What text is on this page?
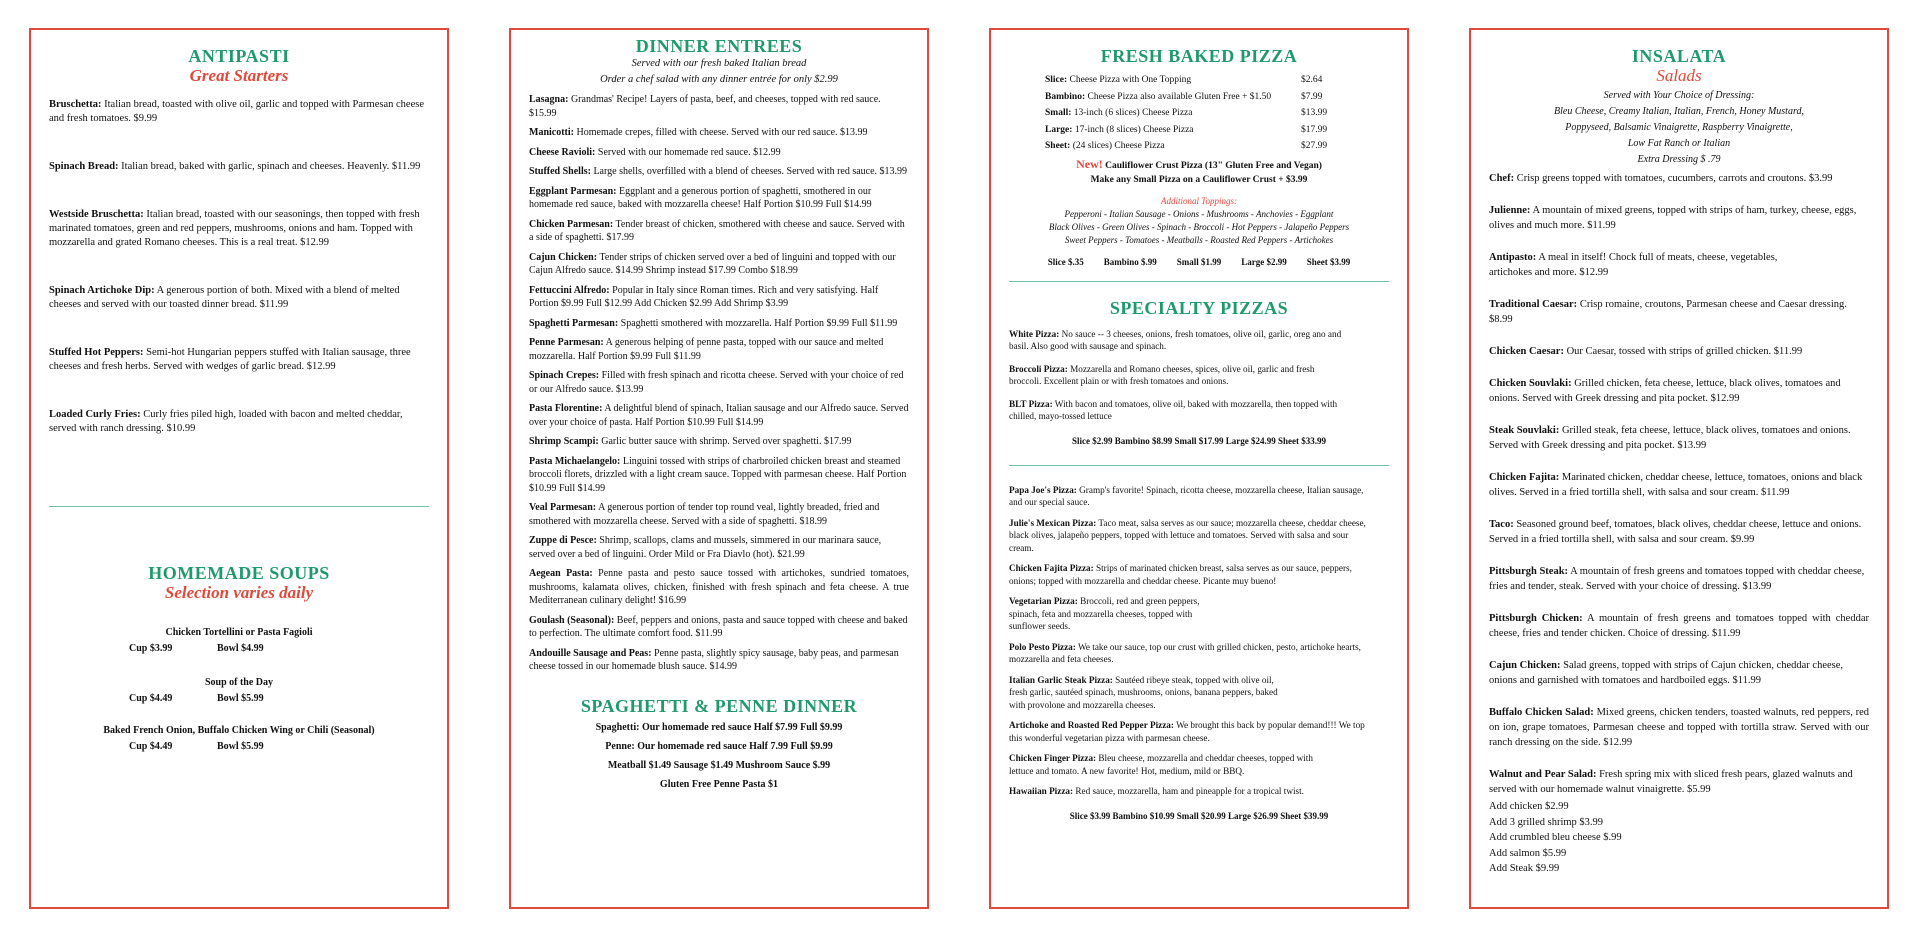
ANTIPASTI
Great Starters

Bruschetta: Italian bread, toasted with olive oil, garlic and topped with Parmesan cheese and fresh tomatoes. $9.99

Spinach Bread: Italian bread, baked with garlic, spinach and cheeses. Heavenly. $11.99

Westside Bruschetta: Italian bread, toasted with our seasonings, then topped with fresh marinated tomatoes, green and red peppers, mushrooms, onions and ham. Topped with mozzarella and grated Romano cheeses. This is a real treat. $12.99

Spinach Artichoke Dip: A generous portion of both. Mixed with a blend of melted cheeses and served with our toasted dinner bread. $11.99

Stuffed Hot Peppers: Semi-hot Hungarian peppers stuffed with Italian sausage, three cheeses and fresh herbs. Served with wedges of garlic bread. $12.99

Loaded Curly Fries: Curly fries piled high, loaded with bacon and melted cheddar, served with ranch dressing. $10.99

HOMEMADE SOUPS
Selection varies daily
Chicken Tortellini or Pasta Fagioli
Cup $3.99	Bowl $4.99
Soup of the Day
Cup $4.49	Bowl $5.99
Baked French Onion, Buffalo Chicken Wing or Chili (Seasonal)
Cup $4.49	Bowl $5.99
DINNER ENTREES
Served with our fresh baked Italian bread
Order a chef salad with any dinner entrée for only $2.99

Lasagna: Grandmas' Recipe! Layers of pasta, beef, and cheeses, topped with red sauce. $15.99

Manicotti: Homemade crepes, filled with cheese. Served with our red sauce. $13.99

Cheese Ravioli: Served with our homemade red sauce. $12.99

Stuffed Shells: Large shells, overfilled with a blend of cheeses. Served with red sauce. $13.99

Eggplant Parmesan: Eggplant and a generous portion of spaghetti, smothered in our homemade red sauce, baked with mozzarella cheese! Half Portion $10.99 Full $14.99

Chicken Parmesan: Tender breast of chicken, smothered with cheese and sauce. Served with a side of spaghetti. $17.99

Cajun Chicken: Tender strips of chicken served over a bed of linguini and topped with our Cajun Alfredo sauce. $14.99 Shrimp instead $17.99 Combo $18.99

Fettuccini Alfredo: Popular in Italy since Roman times. Rich and very satisfying. Half Portion $9.99 Full $12.99 Add Chicken $2.99 Add Shrimp $3.99

Spaghetti Parmesan: Spaghetti smothered with mozzarella. Half Portion $9.99 Full $11.99

Penne Parmesan: A generous helping of penne pasta, topped with our sauce and melted mozzarella. Half Portion $9.99 Full $11.99

Spinach Crepes: Filled with fresh spinach and ricotta cheese. Served with your choice of red or our Alfredo sauce. $13.99

Pasta Florentine: A delightful blend of spinach, Italian sausage and our Alfredo sauce. Served over your choice of pasta. Half Portion $10.99 Full $14.99

Shrimp Scampi: Garlic butter sauce with shrimp. Served over spaghetti. $17.99

Pasta Michaelangelo: Linguini tossed with strips of charbroiled chicken breast and steamed broccoli florets, drizzled with a light cream sauce. Topped with parmesan cheese. Half Portion $10.99 Full $14.99

Veal Parmesan: A generous portion of tender top round veal, lightly breaded, fried and smothered with mozzarella cheese. Served with a side of spaghetti. $18.99

Zuppe di Pesce: Shrimp, scallops, clams and mussels, simmered in our marinara sauce, served over a bed of linguini. Order Mild or Fra Diavlo (hot). $21.99

Aegean Pasta: Penne pasta and pesto sauce tossed with artichokes, sundried tomatoes, mushrooms, kalamata olives, chicken, finished with fresh spinach and feta cheese. A true Mediterranean culinary delight! $16.99

Goulash (Seasonal): Beef, peppers and onions, pasta and sauce topped with cheese and baked to perfection. The ultimate comfort food. $11.99

Andouille Sausage and Peas: Penne pasta, slightly spicy sausage, baby peas, and parmesan cheese tossed in our homemade blush sauce. $14.99

SPAGHETTI & PENNE DINNER
Spaghetti: Our homemade red sauce Half $7.99 Full $9.99
Penne: Our homemade red sauce Half 7.99 Full $9.99
Meatball $1.49 Sausage $1.49 Mushroom Sauce $.99
Gluten Free Penne Pasta $1
FRESH BAKED PIZZA
Slice: Cheese Pizza with One Topping	$2.64
Bambino: Cheese Pizza also available Gluten Free + $1.50	$7.99
Small: 13-inch (6 slices) Cheese Pizza	$13.99
Large: 17-inch (8 slices) Cheese Pizza	$17.99
Sheet: (24 slices) Cheese Pizza	$27.99
New! Cauliflower Crust Pizza (13" Gluten Free and Vegan)
Make any Small Pizza on a Cauliflower Crust + $3.99
Additional Toppings:
Pepperoni - Italian Sausage - Onions - Mushrooms - Anchovies - Eggplant
Black Olives - Green Olives - Spinach - Broccoli - Hot Peppers - Jalapeño Peppers
Sweet Peppers - Tomatoes - Meatballs - Roasted Red Peppers - Artichokes
Slice $.35 Bambino $.99 Small $1.99 Large $2.99 Sheet $3.99
SPECIALTY PIZZAS

White Pizza: No sauce -- 3 cheeses, onions, fresh tomatoes, olive oil, garlic, oreg ano and basil. Also good with sausage and spinach.

Broccoli Pizza: Mozzarella and Romano cheeses, spices, olive oil, garlic and fresh broccoli. Excellent plain or with fresh tomatoes and onions.

BLT Pizza: With bacon and tomatoes, olive oil, baked with mozzarella, then topped with chilled, mayo-tossed lettuce

Slice $2.99 Bambino $8.99 Small $17.99 Large $24.99 Sheet $33.99

Papa Joe's Pizza: Gramp's favorite! Spinach, ricotta cheese, mozzarella cheese, Italian sausage, and our special sauce.

Julie's Mexican Pizza: Taco meat, salsa serves as our sauce; mozzarella cheese, cheddar cheese, black olives, jalapeño peppers, topped with lettuce and tomatoes. Served with salsa and sour cream.

Chicken Fajita Pizza: Strips of marinated chicken breast, salsa serves as our sauce, peppers, onions; topped with mozzarella and cheddar cheese. Picante muy bueno!

Vegetarian Pizza: Broccoli, red and green peppers, spinach, feta and mozzarella cheeses, topped with sunflower seeds.

Polo Pesto Pizza: We take our sauce, top our crust with grilled chicken, pesto, artichoke hearts, mozzarella and feta cheeses.

Italian Garlic Steak Pizza: Sautéed ribeye steak, topped with olive oil, fresh garlic, sautéed spinach, mushrooms, onions, banana peppers, baked with provolone and mozzarella cheeses.

Artichoke and Roasted Red Pepper Pizza: We brought this back by popular demand!!! We top this wonderful vegetarian pizza with parmesan cheese.

Chicken Finger Pizza: Bleu cheese, mozzarella and cheddar cheeses, topped with lettuce and tomato. A new favorite! Hot, medium, mild or BBQ.

Hawaiian Pizza: Red sauce, mozzarella, ham and pineapple for a tropical twist.

Slice $3.99 Bambino $10.99 Small $20.99 Large $26.99 Sheet $39.99
INSALATA
Salads
Served with Your Choice of Dressing:
Bleu Cheese, Creamy Italian, Italian, French, Honey Mustard,
Poppyseed, Balsamic Vinaigrette, Raspberry Vinaigrette,
Low Fat Ranch or Italian
Extra Dressing $ .79

Chef: Crisp greens topped with tomatoes, cucumbers, carrots and croutons. $3.99

Julienne: A mountain of mixed greens, topped with strips of ham, turkey, cheese, eggs, olives and much more. $11.99

Antipasto: A meal in itself! Chock full of meats, cheese, vegetables, artichokes and more. $12.99

Traditional Caesar: Crisp romaine, croutons, Parmesan cheese and Caesar dressing. $8.99

Chicken Caesar: Our Caesar, tossed with strips of grilled chicken. $11.99

Chicken Souvlaki: Grilled chicken, feta cheese, lettuce, black olives, tomatoes and onions. Served with Greek dressing and pita pocket. $12.99

Steak Souvlaki: Grilled steak, feta cheese, lettuce, black olives, tomatoes and onions. Served with Greek dressing and pita pocket. $13.99

Chicken Fajita: Marinated chicken, cheddar cheese, lettuce, tomatoes, onions and black olives. Served in a fried tortilla shell, with salsa and sour cream. $11.99

Taco: Seasoned ground beef, tomatoes, black olives, cheddar cheese, lettuce and onions. Served in a fried tortilla shell, with salsa and sour cream. $9.99

Pittsburgh Steak: A mountain of fresh greens and tomatoes topped with cheddar cheese, fries and tender, steak. Served with your choice of dressing. $13.99

Pittsburgh Chicken: A mountain of fresh greens and tomatoes topped with cheddar cheese, fries and tender chicken. Choice of dressing. $11.99

Cajun Chicken: Salad greens, topped with strips of Cajun chicken, cheddar cheese, onions and garnished with tomatoes and hardboiled eggs. $11.99

Buffalo Chicken Salad: Mixed greens, chicken tenders, toasted walnuts, red peppers, red on ion, grape tomatoes, Parmesan cheese and topped with tortilla straw. Served with our ranch dressing on the side. $12.99

Walnut and Pear Salad: Fresh spring mix with sliced fresh pears, glazed walnuts and served with our homemade walnut vinaigrette. $5.99

Add chicken $2.99
Add 3 grilled shrimp $3.99
Add crumbled bleu cheese $.99
Add salmon $5.99
Add Steak $9.99
